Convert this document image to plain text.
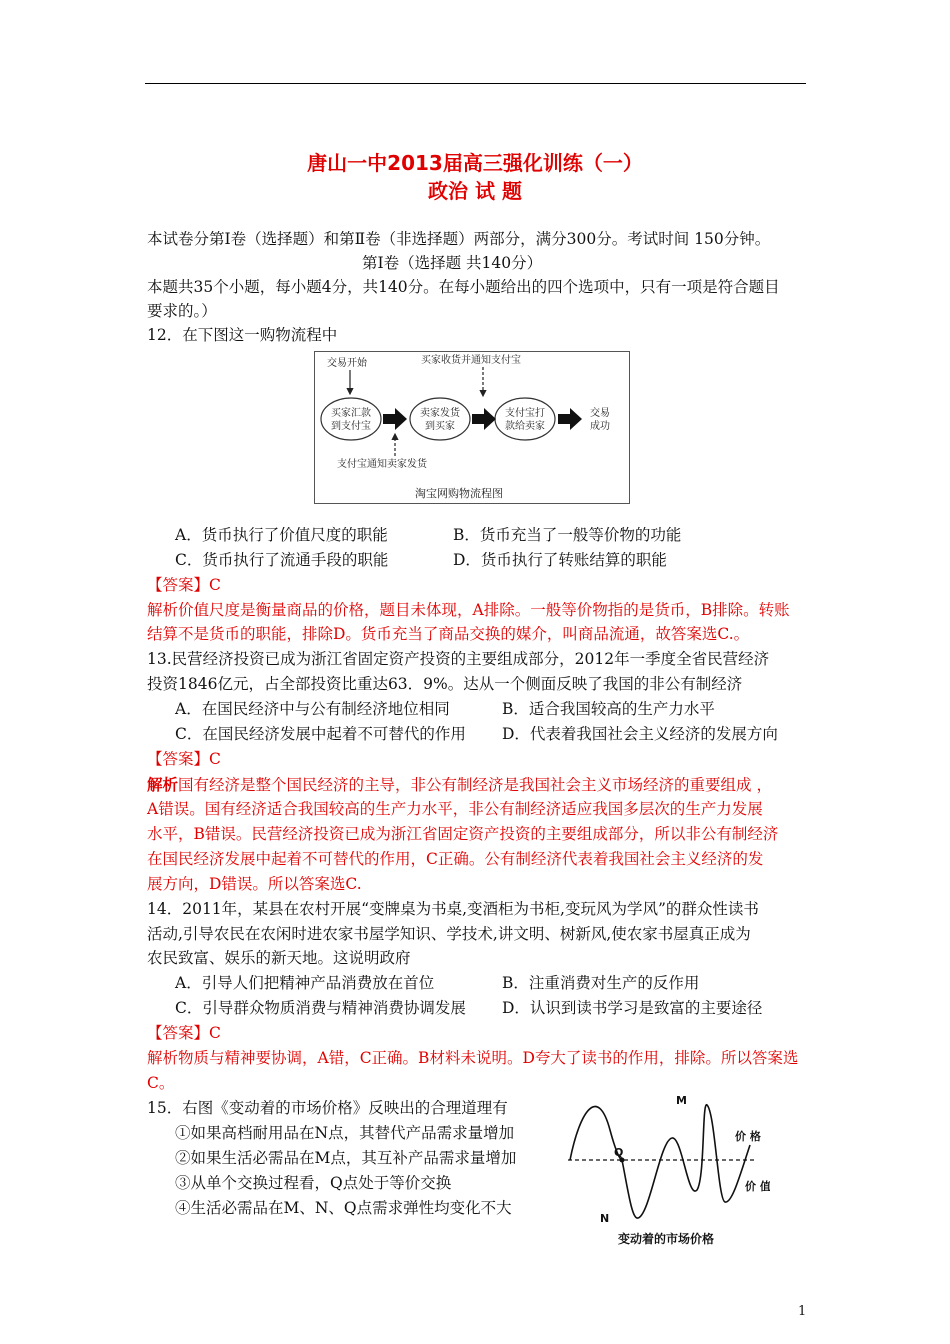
唐山一中2013届高三强化训练（一）
政治 试 题
本试卷分第Ⅰ卷（选择题）和第Ⅱ卷（非选择题）两部分，满分300分。考试时间 150分钟。
第Ⅰ卷（选择题 共140分）
本题共35个小题，每小题4分，共140分。在每小题给出的四个选项中，只有一项是符合题目
要求的。）
12．在下图这一购物流程中
交易开始	买家收货并通知支付宝
支付宝通知卖家发货
淘宝网购物流程图
买家汇款
到支付宝
卖家发货
到买家
支付宝打
款给卖家
交易
成功
A．货币执行了价值尺度的职能	B．货币充当了一般等价物的功能
C．货币执行了流通手段的职能	D．货币执行了转账结算的职能
【答案】C
解析价值尺度是衡量商品的价格，题目未体现，A排除。一般等价物指的是货币，B排除。转账
结算不是货币的职能，排除D。货币充当了商品交换的媒介，叫商品流通，故答案选C.。
13.民营经济投资已成为浙江省固定资产投资的主要组成部分，2012年一季度全省民营经济
投资1846亿元，占全部投资比重达63．9%。达从一个侧面反映了我国的非公有制经济
A．在国民经济中与公有制经济地位相同	B．适合我国较高的生产力水平
C．在国民经济发展中起着不可替代的作用 D．代表着我国社会主义经济的发展方向
【答案】C
解析国有经济是整个国民经济的主导，非公有制经济是我国社会主义市场经济的重要组成 ，
A错误。国有经济适合我国较高的生产力水平，非公有制经济适应我国多层次的生产力发展
水平，B错误。民营经济投资已成为浙江省固定资产投资的主要组成部分，所以非公有制经济
在国民经济发展中起着不可替代的作用，C正确。公有制经济代表着我国社会主义经济的发
展方向，D错误。所以答案选C.
14．2011年，某县在农村开展“变牌桌为书桌,变酒柜为书柜,变玩风为学风”的群众性读书
活动,引导农民在农闲时进农家书屋学知识、学技术,讲文明、树新风,使农家书屋真正成为
农民致富、娱乐的新天地。这说明政府
A．引导人们把精神产品消费放在首位	B．注重消费对生产的反作用
C．引导群众物质消费与精神消费协调发展 D．认识到读书学习是致富的主要途径
【答案】C
解析物质与精神要协调，A错，C正确。B材料未说明。D夸大了读书的作用，排除。所以答案选
C。
15．右图《变动着的市场价格》反映出的合理道理有
①如果高档耐用品在N点，其替代产品需求量增加
②如果生活必需品在M点，其互补产品需求量增加
③从单个交换过程看，Q点处于等价交换
④生活必需品在M、N、Q点需求弹性均变化不大
M
Q
N
价 格
价 值
变动着的市场价格
1
